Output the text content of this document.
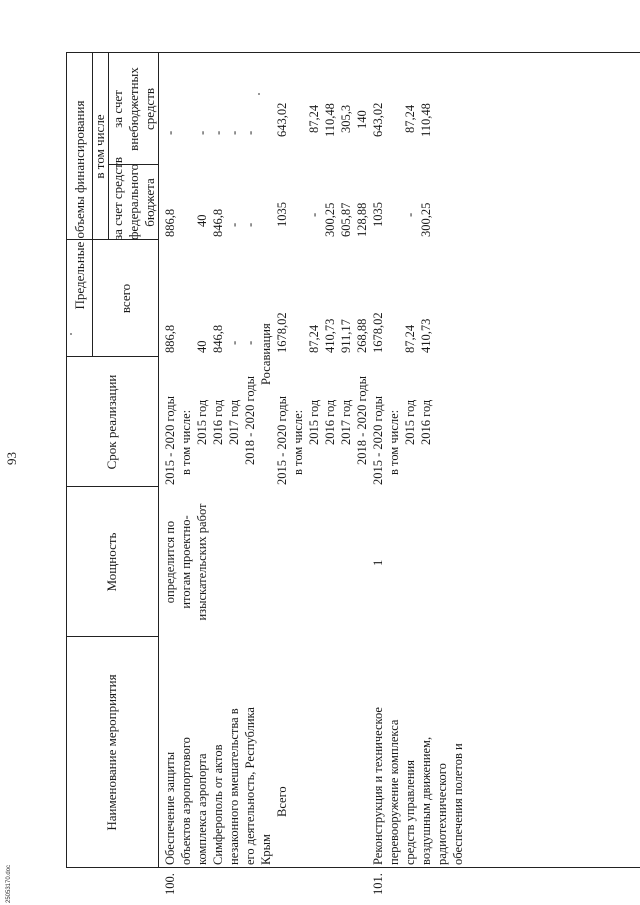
93
25053170.doc
Наименование мероприятия
Мощность
Срок реализации
Предельные объемы финансирования всего
в том числе
за счет средств федерального бюджета
за счет внебюджетных средств
100.
Обеспечение защиты объектов аэропортового комплекса аэропорта Симферополь от актов незаконного вмешательства в его деятельность, Республика Крым
определится по итогам проектно- изыскательских работ
2015 - 2020 годы в том числе: 2015 год 2016 год 2017 год 2018 - 2020 годы
Росавиация
886,8 40 846,8 - -
886,8 40 846,8 - -
- - - - -
Всего
2015 - 2020 годы в том числе: 2015 год 2016 год 2017 год 2018 - 2020 годы
1678,02 87,24 410,73 911,17 268,88
1035 - 300,25 605,87 128,88
643,02 87,24 110,48 305,3 140
101.
Реконструкция и техническое перевооружение комплекса средств управления воздушным движением, радиотехнического обеспечения полетов и
1
2015 - 2020 годы в том числе: 2015 год 2016 год
1678,02 87,24 410,73
1035 - 300,25
643,02 87,24 110,48
